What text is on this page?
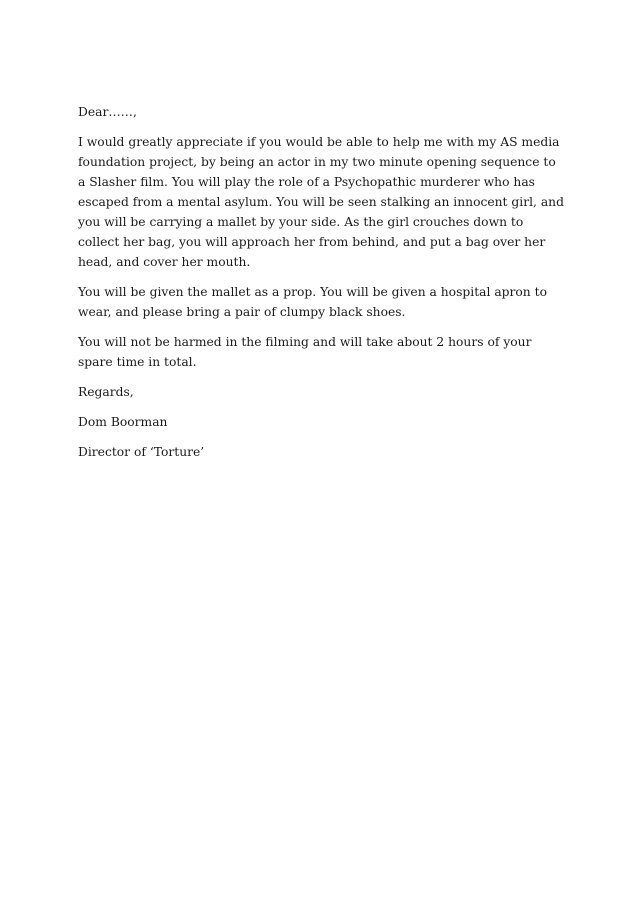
Dear……,

I would greatly appreciate if you would be able to help me with my AS media foundation project, by being an actor in my two minute opening sequence to a Slasher film. You will play the role of a Psychopathic murderer who has escaped from a mental asylum. You will be seen stalking an innocent girl, and you will be carrying a mallet by your side. As the girl crouches down to collect her bag, you will approach her from behind, and put a bag over her head, and cover her mouth.

You will be given the mallet as a prop. You will be given a hospital apron to wear, and please bring a pair of clumpy black shoes.

You will not be harmed in the filming and will take about 2 hours of your spare time in total.

Regards,

Dom Boorman

Director of ‘Torture’
